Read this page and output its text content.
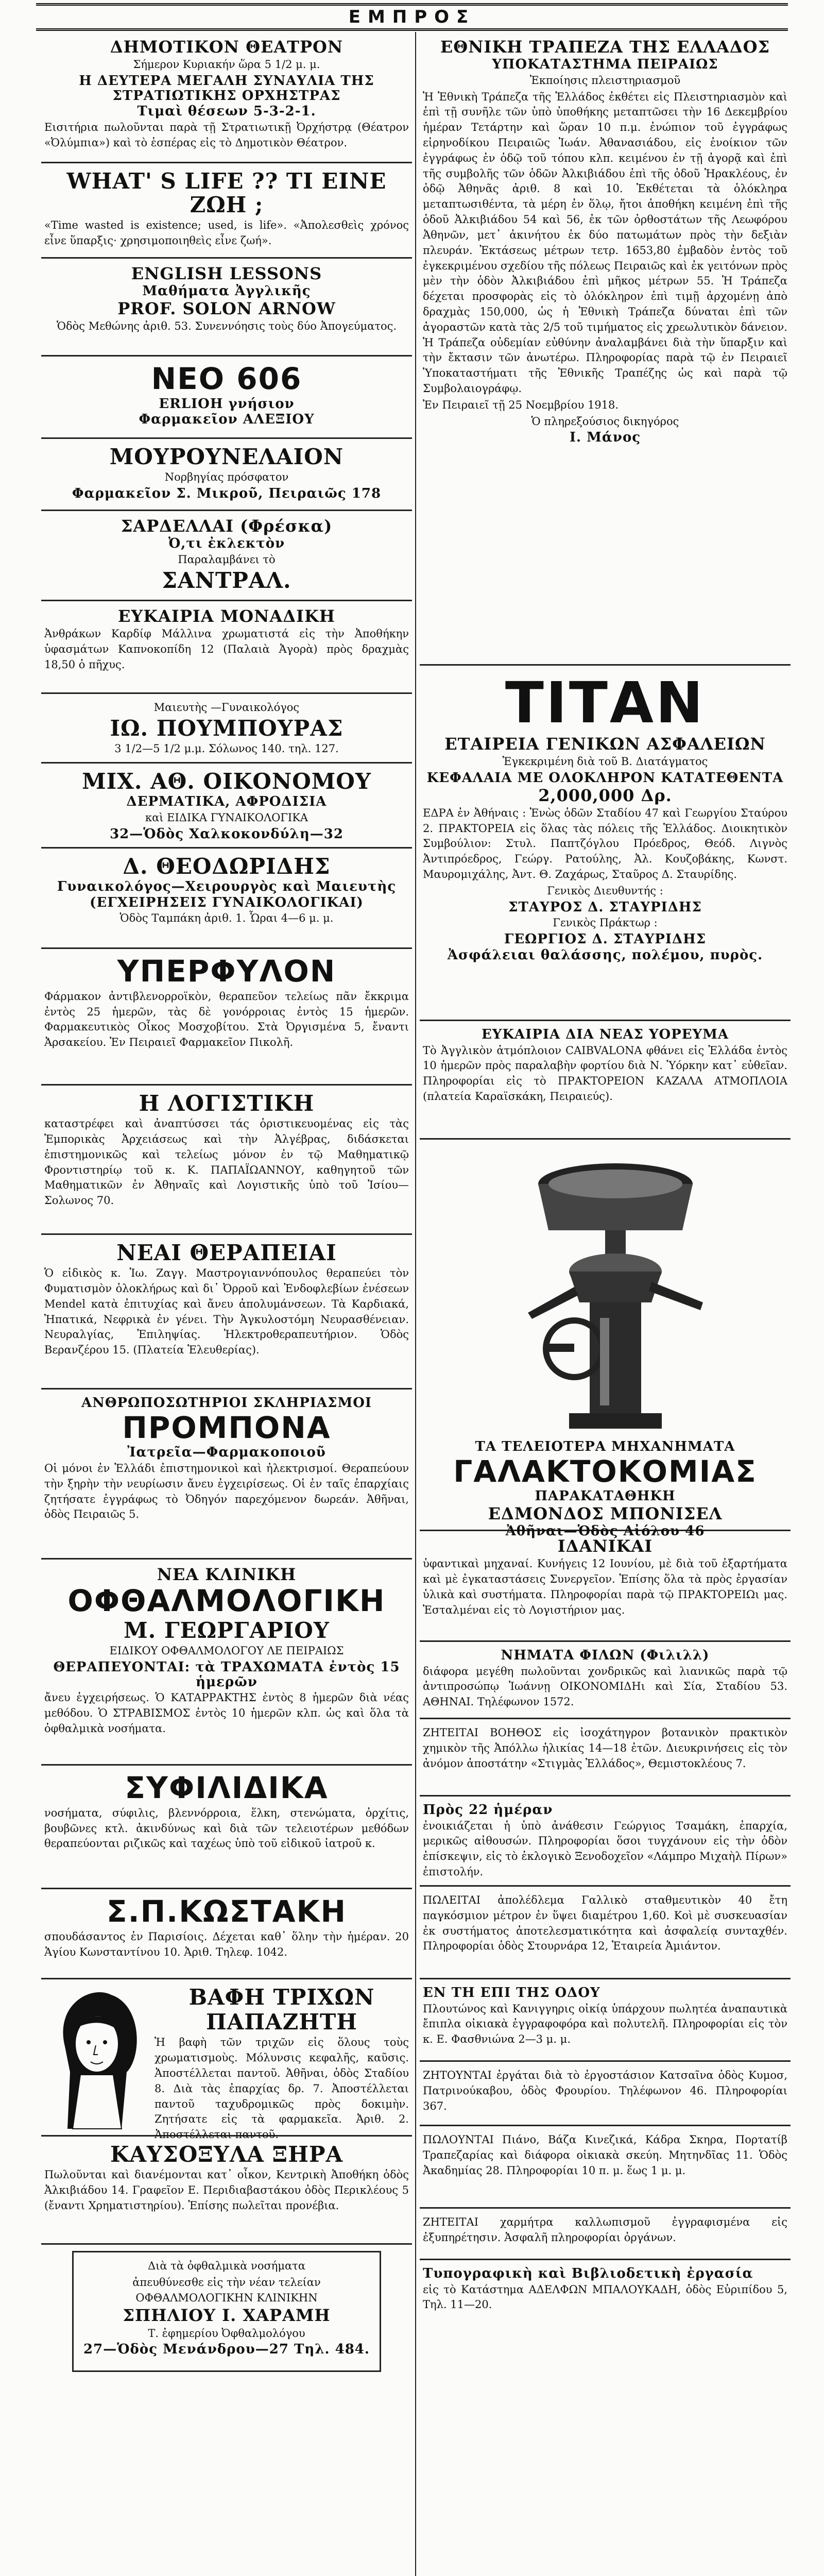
ΕΜΠΡΟΣ
ΔΗΜΟΤΙΚΟΝ ΘΕΑΤΡΟΝ
Σήμερον Κυριακήν ὥρα 5 1/2 μ. μ.
Η ΔΕΥΤΕΡΑ ΜΕΓΑΛΗ ΣΥΝΑΥΛΙΑ ΤΗΣ ΣΤΡΑΤΙΩΤΙΚΗΣ ΟΡΧΗΣΤΡΑΣ
Τιμαὶ θέσεων 5-3-2-1.
Εισιτήρια πωλοῦνται παρὰ τῇ Στρατιωτικῇ Ὀρχήστρᾳ (Θέατρον «Ὀλύμπια») καὶ τὸ ἑσπέρας εἰς τὸ Δημοτικὸν Θέατρον.
WHAT' S LIFE ?? ΤΙ ΕΙΝΕ ΖΩΗ ;
«Time wasted is existence; used, is life». «Ἀπολεσθεὶς χρόνος εἶνε ὕπαρξις· χρησιμοποιηθεὶς εἶνε ζωή».
ENGLISH LESSONS
Μαθήματα Ἀγγλικῆς
PROF. SOLON ARNOW
Ὁδὸς Μεθώνης ἀριθ. 53. Συνεννόησις τοὺς δύο Ἀπογεύματος.
ΝΕΟ 606
ERLIOH γνήσιον
Φαρμακεῖον ΑΛΕΞΙΟΥ
ΜΟΥΡΟΥΝΕΛΑΙΟΝ
Νορβηγίας πρόσφατον
Φαρμακεῖον Σ. Μικροῦ, Πειραιῶς 178
ΣΑΡΔΕΛΛΑΙ (Φρέσκα)
Ὀ,τι ἐκλεκτὸν
Παραλαμβάνει τὸ
ΣΑΝΤΡΑΛ.
ΕΥΚΑΙΡΙΑ ΜΟΝΑΔΙΚΗ
Ἀνθράκων Καρδίφ Μάλλινα χρωματιστά εἰς τὴν Ἀποθήκην ὑφασμάτων Καπνοκοπίδη 12 (Παλαιὰ Ἀγορὰ) πρὸς δραχμὰς 18,50 ὁ πῆχυς.
Μαιευτὴς —Γυναικολόγος
ΙΩ. ΠΟΥΜΠΟΥΡΑΣ
3 1/2—5 1/2 μ.μ. Σόλωνος 140. τηλ. 127.
ΜΙΧ. ΑΘ. ΟΙΚΟΝΟΜΟΥ
ΔΕΡΜΑΤΙΚΑ, ΑΦΡΟΔΙΣΙΑ
καὶ ΕΙΔΙΚΑ ΓΥΝΑΙΚΟΛΟΓΙΚΑ
32—Ὁδὸς Χαλκοκονδύλη—32
Δ. ΘΕΟΔΩΡΙΔΗΣ
Γυναικολόγος—Χειρουργὸς καὶ Μαιευτὴς
(ΕΓΧΕΙΡΗΣΕΙΣ ΓΥΝΑΙΚΟΛΟΓΙΚΑΙ)
Ὁδὸς Ταμπάκη ἀριθ. 1. Ὧραι 4—6 μ. μ.
ΥΠΕΡΦΥΛΟΝ
Φάρμακον ἀντιβλενορροϊκὸν, θεραπεῦον τελείως πᾶν ἔκκριμα ἐντὸς 25 ἡμερῶν, τὰς δὲ γονόρροιας ἐντὸς 15 ἡμερῶν. Φαρμακευτικὸς Οἶκος Μοσχοβίτου. Στὰ Ὀργισμένα 5, ἔναντι Ἀρσακείου. Ἐν Πειραιεῖ Φαρμακεῖον Πικολῆ.
Η ΛΟΓΙΣΤΙΚΗ
καταστρέφει καὶ ἀναπτύσσει τάς ὁριστικευομένας εἰς τὰς Ἐμπορικὰς Ἀρχειάσεως καὶ τὴν Ἀλγέβρας, διδάσκεται ἐπιστημονικῶς καὶ τελείως μόνον ἐν τῷ Μαθηματικῷ Φροντιστηρίῳ τοῦ κ. Κ. ΠΑΠΑΪΩΑΝΝΟΥ, καθηγητοῦ τῶν Μαθηματικῶν ἐν Ἀθηναῖς καὶ Λογιστικῆς ὑπὸ τοῦ Ἰσίου—Σολωνος 70.
ΝΕΑΙ ΘΕΡΑΠΕΙΑΙ
Ὁ εἰδικὸς κ. Ἰω. Ζαγγ. Μαστρογιαννόπουλος θεραπεύει τὸν Φυματισμὸν ὁλοκλήρως καὶ δι᾽ Ὀρροῦ καὶ Ἐνδοφλεβίων ἐνέσεων Mendel κατὰ ἐπιτυχίας καὶ ἄνευ ἀπολυμάνσεων. Τὰ Καρδιακά, Ἡπατικά, Νεφρικὰ ἐν γένει. Τὴν Ἀγκυλοστόμη Νευρασθένειαν. Νευραλγίας, Ἐπιληψίας. Ἠλεκτροθεραπευτήριον. Ὁδὸς Βερανζέρου 15. (Πλατεία Ἐλευθερίας).
ΑΝΘΡΩΠΟΣΩΤΗΡΙΟΙ ΣΚΛΗΡΙΑΣΜΟΙ
ΠΡΟΜΠΟΝΑ
Ἰατρεῖα—Φαρμακοποιοῦ
Οἱ μόνοι ἐν Ἑλλάδι ἐπιστημονικοὶ καὶ ἠλεκτρισμοί. Θεραπεύουν τὴν ξηρὴν τὴν νευρίωσιν ἄνευ ἐγχειρίσεως. Οἱ ἐν ταῖς ἐπαρχίαις ζητήσατε ἐγγράφως τὸ Ὀδηγόν παρεχόμενον δωρεάν. Ἀθῆναι, ὁδὸς Πειραιῶς 5.
ΝΕΑ ΚΛΙΝΙΚΗ
ΟΦΘΑΛΜΟΛΟΓΙΚΗ
Μ. ΓΕΩΡΓΑΡΙΟΥ
ΕΙΔΙΚΟΥ ΟΦΘΑΛΜΟΛΟΓΟΥ ΛΕ ΠΕΙΡΑΙΩΣ
ΘΕΡΑΠΕΥΟΝΤΑΙ: τὰ ΤΡΑΧΩΜΑΤΑ ἐντὸς 15 ἡμερῶν
ἄνευ ἐγχειρήσεως. Ὁ ΚΑΤΑΡΡΑΚΤΗΣ ἐντὸς 8 ἡμερῶν διὰ νέας μεθόδου. Ὁ ΣΤΡΑΒΙΣΜΟΣ ἐντὸς 10 ἡμερῶν κλπ. ὡς καὶ ὅλα τὰ ὀφθαλμικὰ νοσήματα.
ΣΥΦΙΛΙΔΙΚΑ
νοσήματα, σύφιλις, βλεννόρροια, ἕλκη, στενώματα, ὀρχίτις, βουβῶνες κτλ. ἀκινδύνως καὶ διὰ τῶν τελειοτέρων μεθόδων θεραπεύονται ριζικῶς καὶ ταχέως ὑπὸ τοῦ εἰδικοῦ ἰατροῦ κ.
Σ.Π.ΚΩΣΤΑΚΗ
σπουδάσαντος ἐν Παρισίοις. Δέχεται καθ᾽ ὅλην τὴν ἡμέραν. 20 Ἁγίου Κωνσταντίνου 10. Ἀριθ. Τηλεφ. 1042.
ΒΑΦΗ ΤΡΙΧΩΝ
ΠΑΠΑΖΗΤΗ
Ἡ βαφὴ τῶν τριχῶν εἰς ὅλους τοὺς χρωματισμοὺς. Μόλυνσις κεφαλῆς, καῦσις. Ἀποστέλλεται παντοῦ. Ἀθῆναι, ὁδὸς Σταδίου 8. Διὰ τὰς ἐπαρχίας δρ. 7. Ἀποστέλλεται παντοῦ ταχυδρομικῶς πρὸς δοκιμὴν. Ζητήσατε εἰς τὰ φαρμακεῖα. Ἀριθ. 2. Ἀποστέλλεται παντοῦ.
ΚΑΥΣΟΞΥΛΑ ΞΗΡΑ
Πωλοῦνται καὶ διανέμονται κατ᾽ οἶκον, Κεντρικὴ Ἀποθήκη ὁδὸς Ἀλκιβιάδου 14. Γραφεῖον Ε. Περιδιαβαστάκου ὁδὸς Περικλέους 5 (ἔναντι Χρηματιστηρίου). Ἐπίσης πωλεῖται προνέβια.
Διὰ τὰ ὀφθαλμικὰ νοσήματα
ἀπευθύνεσθε εἰς τὴν νέαν τελείαν ΟΦΘΑΛΜΟΛΟΓΙΚΗΝ ΚΛΙΝΙΚΗΝ
ΣΠΗΛΙΟΥ Ι. ΧΑΡΑΜΗ
Τ. ἐφημερίου Ὀφθαλμολόγου
27—Ὁδὸς Μενάνδρου—27 Τηλ. 484.
ΕΘΝΙΚΗ ΤΡΑΠΕΖΑ ΤΗΣ ΕΛΛΑΔΟΣ
ΥΠΟΚΑΤΑΣΤΗΜΑ ΠΕΙΡΑΙΩΣ
Ἐκποίησις πλειστηριασμοῦ
Ἡ Ἐθνικὴ Τράπεζα τῆς Ἑλλάδος ἐκθέτει εἰς Πλειστηριασμὸν καὶ ἐπὶ τῇ συνῆλε τῶν ὑπὸ ὑποθήκης μεταπτῶσει τὴν 16 Δεκεμβρίου ἡμέραν Τετάρτην καὶ ὥραν 10 π.μ. ἐνώπιον τοῦ ἐγγράφως εἰρηνοδίκου Πειραιῶς Ἰωάν. Ἀθανασιάδου, εἰς ἐνοίκιον τῶν ἐγγράφως ἐν ὁδῷ τοῦ τόπου κλπ. κειμένου ἐν τῇ ἀγορᾷ καὶ ἐπὶ τῆς συμβολῆς τῶν ὁδῶν Ἀλκιβιάδου ἐπὶ τῆς ὁδοῦ Ἡρακλέους, ἐν ὁδῷ Ἀθηνᾶς ἀριθ. 8 καὶ 10. Ἐκθέτεται τὰ ὁλόκληρα μεταπτωσιθέντα, τὰ μέρη ἐν ὅλῳ, ἤτοι ἀποθήκη κειμένη ἐπὶ τῆς ὁδοῦ Ἀλκιβιάδου 54 καὶ 56, ἐκ τῶν ὀρθοστάτων τῆς Λεωφόρου Ἀθηνῶν, μετ᾽ ἀκινήτου ἐκ δύο πατωμάτων πρὸς τὴν δεξιὰν πλευράν. Ἐκτάσεως μέτρων τετρ. 1653,80 ἐμβαδὸν ἐντὸς τοῦ ἐγκεκριμένου σχεδίου τῆς πόλεως Πειραιῶς καὶ ἐκ γειτόνων πρὸς μὲν τὴν ὁδὸν Ἀλκιβιάδου ἐπὶ μῆκος μέτρων 55. Ἡ Τράπεζα δέχεται προσφορὰς εἰς τὸ ὁλόκληρον ἐπὶ τιμῇ ἀρχομένῃ ἀπὸ δραχμὰς 150,000, ὡς ἡ Ἐθνικὴ Τράπεζα δύναται ἐπὶ τῶν ἀγοραστῶν κατὰ τὰς 2/5 τοῦ τιμήματος εἰς χρεωλυτικὸν δάνειον. Ἡ Τράπεζα οὐδεμίαν εὐθύνην ἀναλαμβάνει διὰ τὴν ὕπαρξιν καὶ τὴν ἔκτασιν τῶν ἀνωτέρω. Πληροφορίας παρὰ τῷ ἐν Πειραιεῖ Ὑποκαταστήματι τῆς Ἐθνικῆς Τραπέζης ὡς καὶ παρὰ τῷ Συμβολαιογράφῳ.
Ἐν Πειραιεῖ τῇ 25 Νοεμβρίου 1918.
Ὁ πληρεξούσιος δικηγόρος
Ι. Μάνος
ΤΙΤΑΝ
ΕΤΑΙΡΕΙΑ ΓΕΝΙΚΩΝ ΑΣΦΑΛΕΙΩΝ
Ἐγκεκριμένη διὰ τοῦ Β. Διατάγματος
ΚΕΦΑΛΑΙΑ ΜΕ ΟΛΟΚΛΗΡΟΝ ΚΑΤΑΤΕΘΕΝΤΑ
2,000,000 Δρ.
ΕΔΡΑ ἐν Ἀθήναις : Ἑνὼς ὁδῶν Σταδίου 47 καὶ Γεωργίου Σταύρου 2. ΠΡΑΚΤΟΡΕΙΑ εἰς ὅλας τὰς πόλεις τῆς Ἑλλάδος. Διοικητικὸν Συμβούλιον: Στυλ. Παπτζόγλου Πρόεδρος, Θεόδ. Λιγνὸς Ἀντιπρόεδρος, Γεώργ. Ρατούλης, Ἀλ. Κουζοβάκης, Κωνστ. Μαυρομιχάλης, Ἀντ. Θ. Ζαχάρως, Σταῦρος Δ. Σταυρίδης.
Γενικὸς Διευθυντής :
ΣΤΑΥΡΟΣ Δ. ΣΤΑΥΡΙΔΗΣ
Γενικὸς Πράκτωρ :
ΓΕΩΡΓΙΟΣ Δ. ΣΤΑΥΡΙΔΗΣ
Ἀσφάλειαι θαλάσσης, πολέμου, πυρὸς.
ΕΥΚΑΙΡΙΑ ΔΙΑ ΝΕΑΣ ΥΟΡΕΥΜΑ
Τὸ Ἀγγλικὸν ἀτμόπλοιον CAIBVALONA φθάνει εἰς Ἑλλάδα ἐντὸς 10 ἡμερῶν πρὸς παραλαβὴν φορτίου διὰ Ν. Ὑόρκην κατ᾽ εὐθεῖαν. Πληροφορίαι εἰς τὸ ΠΡΑΚΤΟΡΕΙΟΝ ΚΑΖΑΛΑ ΑΤΜΟΠΛΟΙΑ (πλατεία Καραϊσκάκη, Πειραιεύς).
ΤΑ ΤΕΛΕΙΟΤΕΡΑ ΜΗΧΑΝΗΜΑΤΑ
ΓΑΛΑΚΤΟΚΟΜΙΑΣ
ΠΑΡΑΚΑΤΑΘΗΚΗ
ΕΔΜΟΝΔΟΣ ΜΠΟΝΙΣΕΛ
Ἀθῆναι—Ὁδὸς Αἰόλου 46
ΙΔΑΝΙΚΑΙ
ὑφαντικαὶ μηχαναί. Κυνήγεις 12 Ιουνίου, μὲ διὰ τοῦ ἐξαρτήματα καὶ μὲ ἐγκαταστάσεις Συνεργεῖον. Ἐπίσης ὅλα τὰ πρὸς ἐργασίαν ὑλικὰ καὶ συστήματα. Πληροφορίαι παρὰ τῷ ΠΡΑΚΤΟΡΕΙΩι μας. Ἐσταλμέναι εἰς τὸ Λογιστήριον μας.
ΝΗΜΑΤΑ ΦΙΛΩΝ (Φιλιλλ)
διάφορα μεγέθη πωλοῦνται χονδρικῶς καὶ λιανικῶς παρὰ τῷ ἀντιπροσώπῳ Ἰωάννῃ ΟΙΚΟΝΟΜΙΔΗι καὶ Σία, Σταδίου 53. ΑΘΗΝΑΙ. Τηλέφωνον 1572.
ΖΗΤΕΙΤΑΙ ΒΟΗΘΟΣ εἰς ἰσοχάτηγρον βοτανικὸν πρακτικὸν χημικὸν τῆς Ἀπόλλω ἡλικίας 14—18 ἐτῶν. Διευκρινήσεις εἰς τὸν ἀνόμον ἀποστάτην «Στιγμὰς Ἑλλάδος», Θεμιστοκλέους 7.
Πρὸς 22 ἡμέραν
ἐνοικιάζεται ἡ ὑπὸ ἀνάθεσιν Γεώργιος Τσαμάκη, ἐπαρχία, μερικῶς αἰθουσών. Πληροφορίαι ὅσοι τυγχάνουν εἰς τὴν ὁδὸν ἐπίσκεψιν, εἰς τὸ ἐκλογικὸ Ξενοδοχεῖον «Λάμπρο Μιχαὴλ Πίρων» ἐπιστολήν.
ΠΩΛΕΙΤΑΙ ἀπολέδλεμα Γαλλικὸ σταθμευτικὸν 40 ἔτη παγκόσμιον μέτρον ἐν ὕψει διαμέτρου 1,60. Κοὶ μὲ συσκευασίαν ἐκ συστήματος ἀποτελεσματικότητα καὶ ἀσφαλείᾳ συνταχθέν. Πληροφορίαι ὁδὸς Στουρνάρα 12, Ἑταιρεία Ἀμιάντον.
ΕΝ ΤΗ ΕΠΙ ΤΗΣ ΟΔΟΥ
Πλουτώνος καὶ Κανιγγηρις οἰκίᾳ ὑπάρχουν πωλητέα ἀναπαυτικὰ ἔπιπλα οἰκιακὰ ἐγγραφοφόρα καὶ πολυτελῆ. Πληροφορίαι εἰς τὸν κ. Ε. Φασθνιώνα 2—3 μ. μ.
ΖΗΤΟΥΝΤΑΙ ἐργάται διὰ τὸ ἐργοστάσιον Κατσαῖνα ὁδὸς Κυμοσ, Πατρινούκαβου, ὁδὸς Φρουρίου. Τηλέφωνον 46. Πληροφορίαι 367.
ΠΩΛΟΥΝΤΑΙ Πιάνο, Βάζα Κινεζικά, Κάδρα Σκηρα, Πορτατίβ Τραπεζαρίας καὶ διάφορα οἰκιακὰ σκεύη. Μητηνδῖας 11. Ὁδὸς Ἀκαδημίας 28. Πληροφορίαι 10 π. μ. ἕως 1 μ. μ.
ΖΗΤΕΙΤΑΙ χαρμήτρα καλλωπισμοῦ ἐγγραφισμένα εἰς ἐξυπηρέτησιν. Ἀσφαλῆ πληροφορίαι ὀργάνων.
Τυπογραφικὴ καὶ Βιβλιοδετικὴ ἐργασία
εἰς τὸ Κατάστημα ΑΔΕΛΦΩΝ ΜΠΑΛΟΥΚΑΔΗ, ὁδὸς Εὐριπίδου 5, Τηλ. 11—20.
